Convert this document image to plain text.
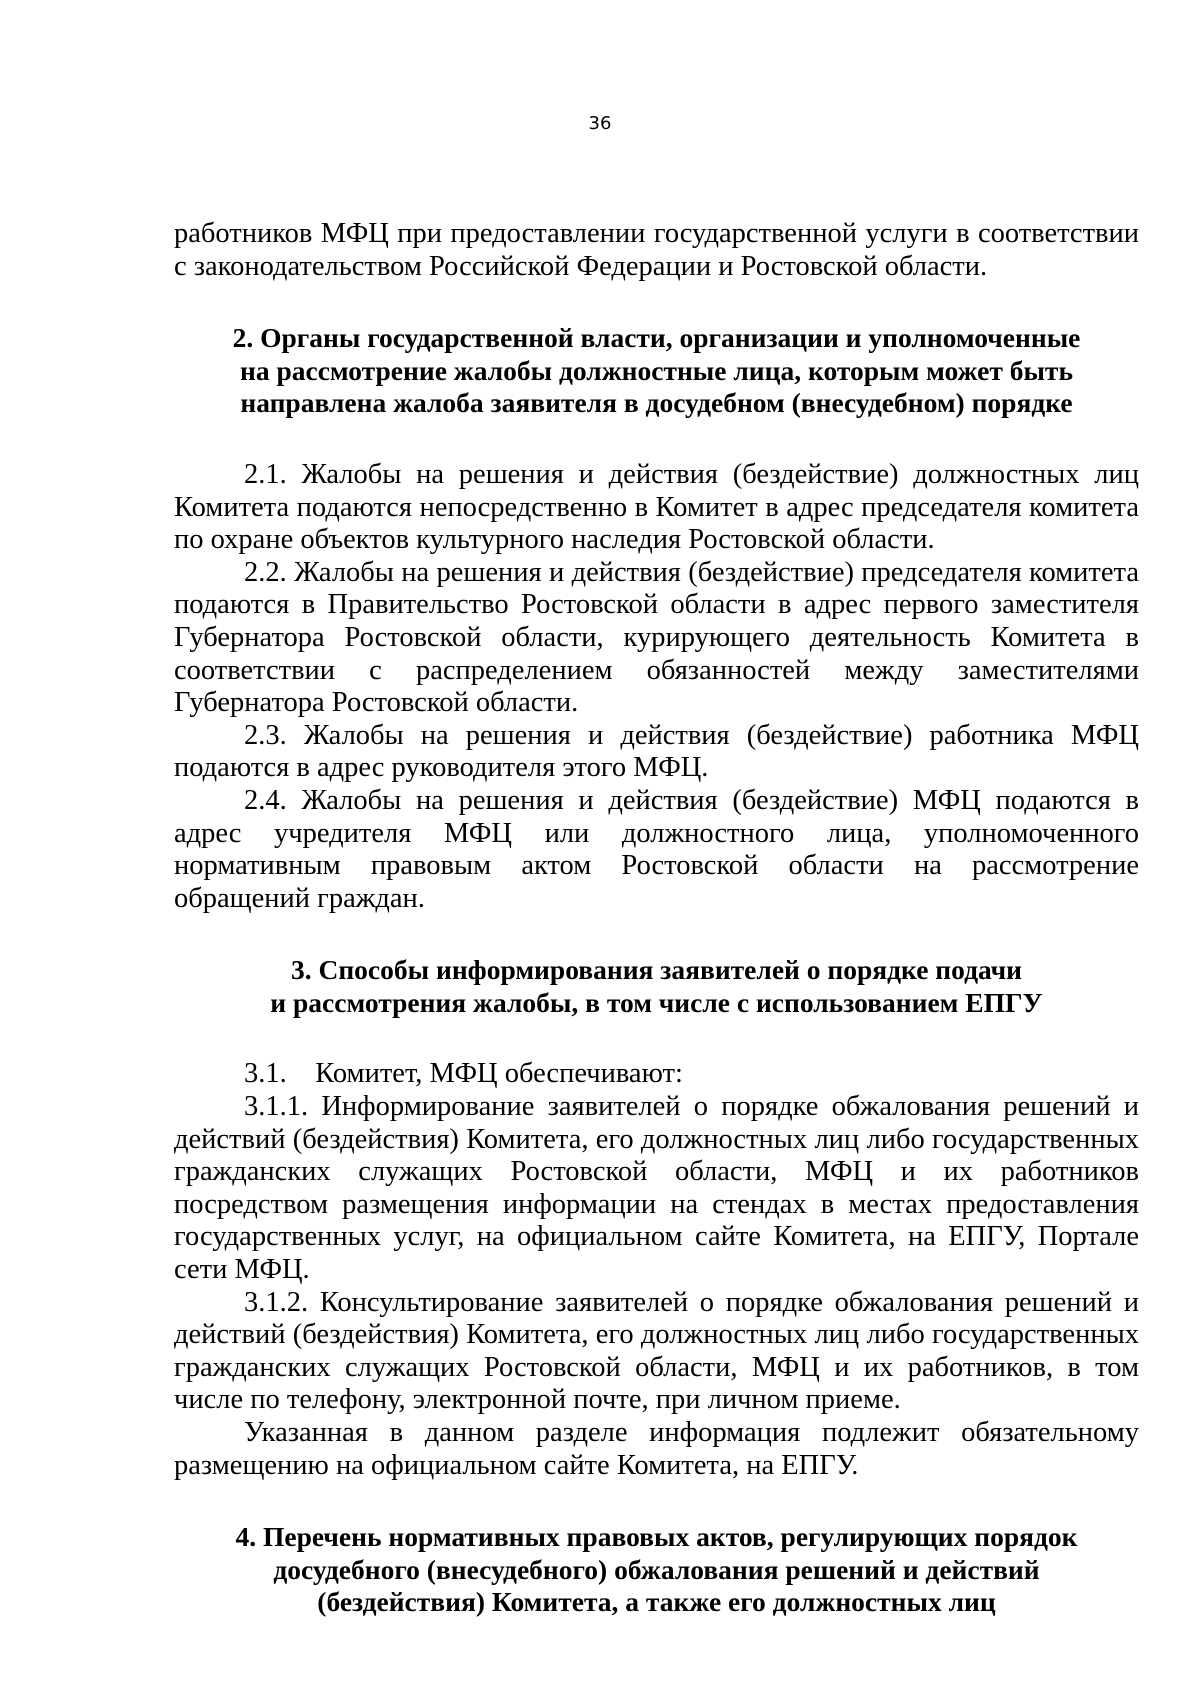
36

работников МФЦ при предоставлении государственной услуги в соответствии с законодательством Российской Федерации и Ростовской области.

2. Органы государственной власти, организации и уполномоченные
на рассмотрение жалобы должностные лица, которым может быть
направлена жалоба заявителя в досудебном (внесудебном) порядке

2.1. Жалобы на решения и действия (бездействие) должностных лиц Комитета подаются непосредственно в Комитет в адрес председателя комитета по охране объектов культурного наследия Ростовской области.

2.2. Жалобы на решения и действия (бездействие) председателя комитета подаются в Правительство Ростовской области в адрес первого заместителя Губернатора Ростовской области, курирующего деятельность Комитета в соответствии с распределением обязанностей между заместителями Губернатора Ростовской области.

2.3. Жалобы на решения и действия (бездействие) работника МФЦ подаются в адрес руководителя этого МФЦ.

2.4. Жалобы на решения и действия (бездействие) МФЦ подаются в адрес учредителя МФЦ или должностного лица, уполномоченного нормативным правовым актом Ростовской области на рассмотрение обращений граждан.

3. Способы информирования заявителей о порядке подачи
и рассмотрения жалобы, в том числе с использованием ЕПГУ

3.1.    Комитет, МФЦ обеспечивают:

3.1.1. Информирование заявителей о порядке обжалования решений и действий (бездействия) Комитета, его должностных лиц либо государственных гражданских служащих Ростовской области, МФЦ и их работников посредством размещения информации на стендах в местах предоставления государственных услуг, на официальном сайте Комитета, на ЕПГУ, Портале сети МФЦ.

3.1.2. Консультирование заявителей о порядке обжалования решений и действий (бездействия) Комитета, его должностных лиц либо государственных гражданских служащих Ростовской области, МФЦ и их работников, в том числе по телефону, электронной почте, при личном приеме.

Указанная в данном разделе информация подлежит обязательному размещению на официальном сайте Комитета, на ЕПГУ.

4. Перечень нормативных правовых актов, регулирующих порядок
досудебного (внесудебного) обжалования решений и действий
(бездействия) Комитета, а также его должностных лиц
